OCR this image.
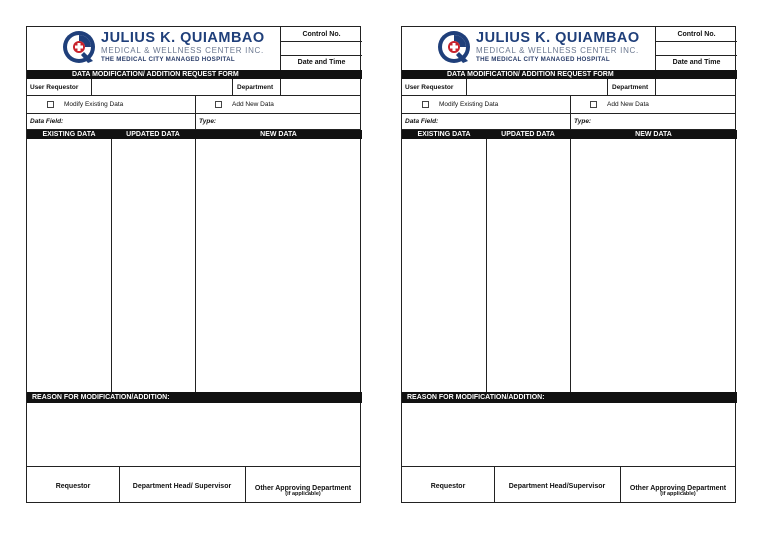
JULIUS K. QUIAMBAO
MEDICAL & WELLNESS CENTER INC.
THE MEDICAL CITY MANAGED HOSPITAL
Control No.
Date and Time
DATA MODIFICATION/ ADDITION REQUEST FORM
User Requestor	Department
Modify Existing Data	Add New Data
Data Field:	Type:
EXISTING DATA	UPDATED DATA	NEW DATA
REASON FOR MODIFICATION/ADDITION:
Requestor	Department Head/ Supervisor	Other Approving Department
(if applicable)
JULIUS K. QUIAMBAO
MEDICAL & WELLNESS CENTER INC.
THE MEDICAL CITY MANAGED HOSPITAL
Control No.
Date and Time
DATA MODIFICATION/ ADDITION REQUEST FORM
User Requestor	Department
Modify Existing Data	Add New Data
Data Field:	Type:
EXISTING DATA	UPDATED DATA	NEW DATA
REASON FOR MODIFICATION/ADDITION:
Requestor	Department Head/Supervisor	Other Approving Department
(if applicable)
